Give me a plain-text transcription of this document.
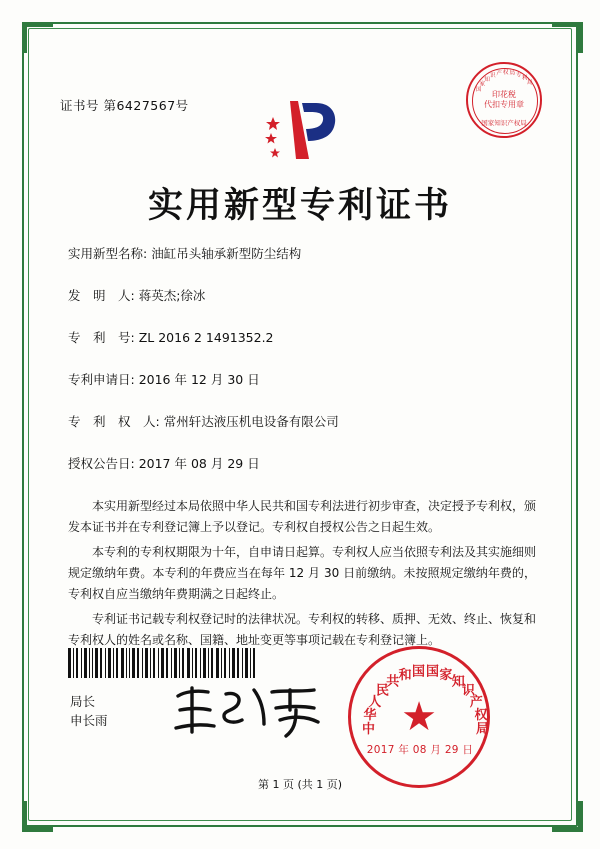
证书号 第6427567号
国
家
知
识 产 权 局 专
利
局
印花税
代扣专用章
国家知识产权局
实用新型专利证书
实用新型名称: 油缸吊头轴承新型防尘结构
发　明　人: 蒋英杰;徐冰
专　利　号: ZL 2016 2 1491352.2
专利申请日: 2016 年 12 月 30 日
专　利　权　人: 常州轩达液压机电设备有限公司
授权公告日: 2017 年 08 月 29 日

本实用新型经过本局依照中华人民共和国专利法进行初步审查，决定授予专利权，颁发本证书并在专利登记簿上予以登记。专利权自授权公告之日起生效。

本专利的专利权期限为十年，自申请日起算。专利权人应当依照专利法及其实施细则规定缴纳年费。本专利的年费应当在每年 12 月 30 日前缴纳。未按照规定缴纳年费的，专利权自应当缴纳年费期满之日起终止。

专利证书记载专利权登记时的法律状况。专利权的转移、质押、无效、终止、恢复和专利权人的姓名或名称、国籍、地址变更等事项记载在专利登记簿上。

局长
申长雨
中
华
人
民
共 和 国 国 家 知
识
产
权
局
★
2017 年 08 月 29 日
第 1 页 (共 1 页)
